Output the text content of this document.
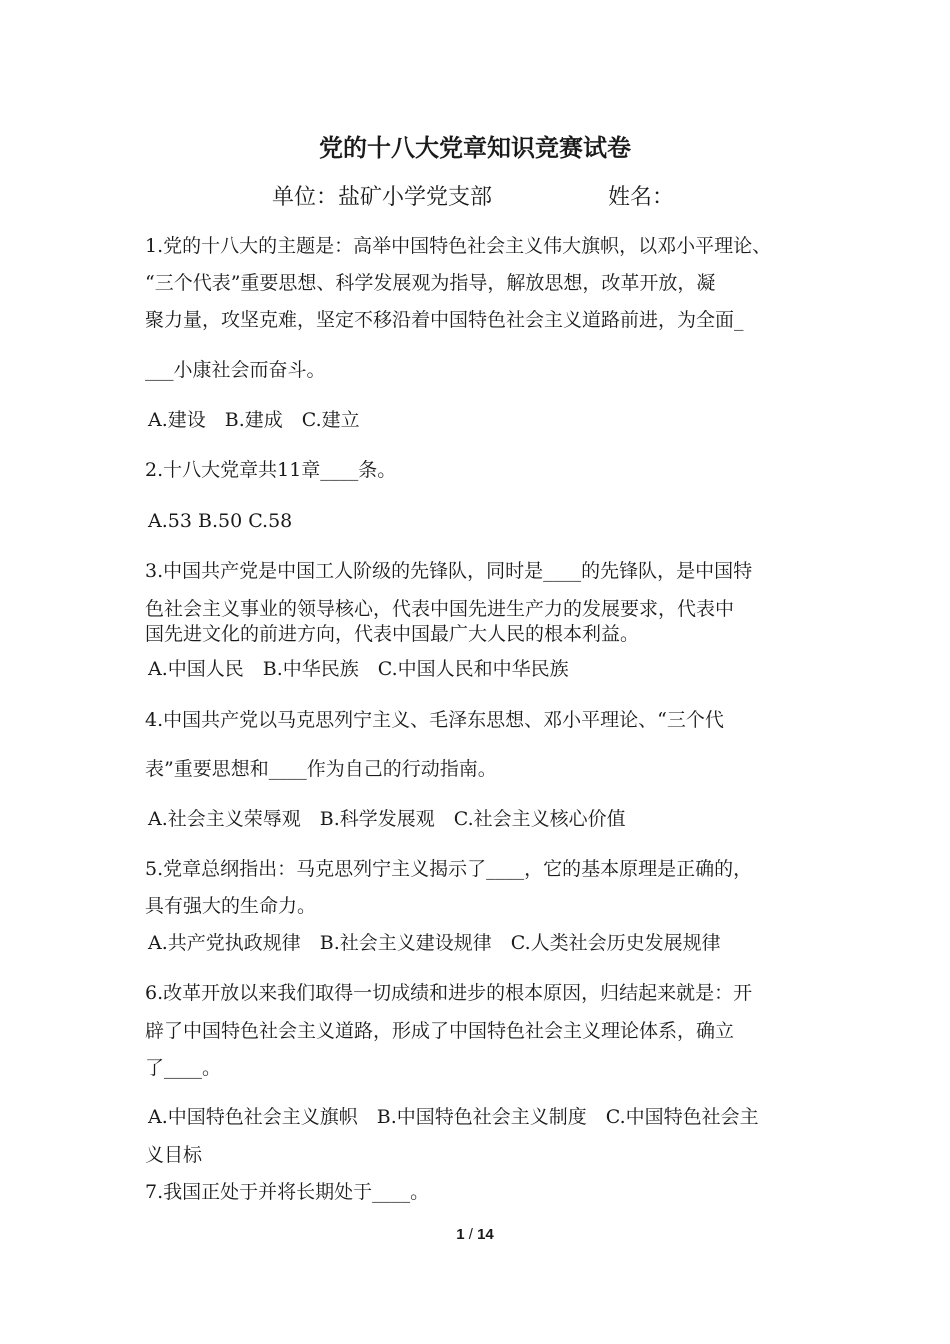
党的十八大党章知识竞赛试卷
单位：盐矿小学党支部	姓名：
1.党的十八大的主题是：高举中国特色社会主义伟大旗帜，以邓小平理论、
“三个代表”重要思想、科学发展观为指导，解放思想，改革开放，凝
聚力量，攻坚克难，坚定不移沿着中国特色社会主义道路前进，为全面_
___小康社会而奋斗。
A.建设　B.建成　C.建立
2.十八大党章共11章____条。
A.53 B.50 C.58
3.中国共产党是中国工人阶级的先锋队，同时是____的先锋队，是中国特
色社会主义事业的领导核心，代表中国先进生产力的发展要求，代表中
国先进文化的前进方向，代表中国最广大人民的根本利益。
A.中国人民　B.中华民族　C.中国人民和中华民族
4.中国共产党以马克思列宁主义、毛泽东思想、邓小平理论、“三个代
表”重要思想和____作为自己的行动指南。
A.社会主义荣辱观　B.科学发展观　C.社会主义核心价值
5.党章总纲指出：马克思列宁主义揭示了____，它的基本原理是正确的，
具有强大的生命力。
A.共产党执政规律　B.社会主义建设规律　C.人类社会历史发展规律
6.改革开放以来我们取得一切成绩和进步的根本原因，归结起来就是：开
辟了中国特色社会主义道路，形成了中国特色社会主义理论体系，确立
了____。
A.中国特色社会主义旗帜　B.中国特色社会主义制度　C.中国特色社会主
义目标
7.我国正处于并将长期处于____。
1 / 14
